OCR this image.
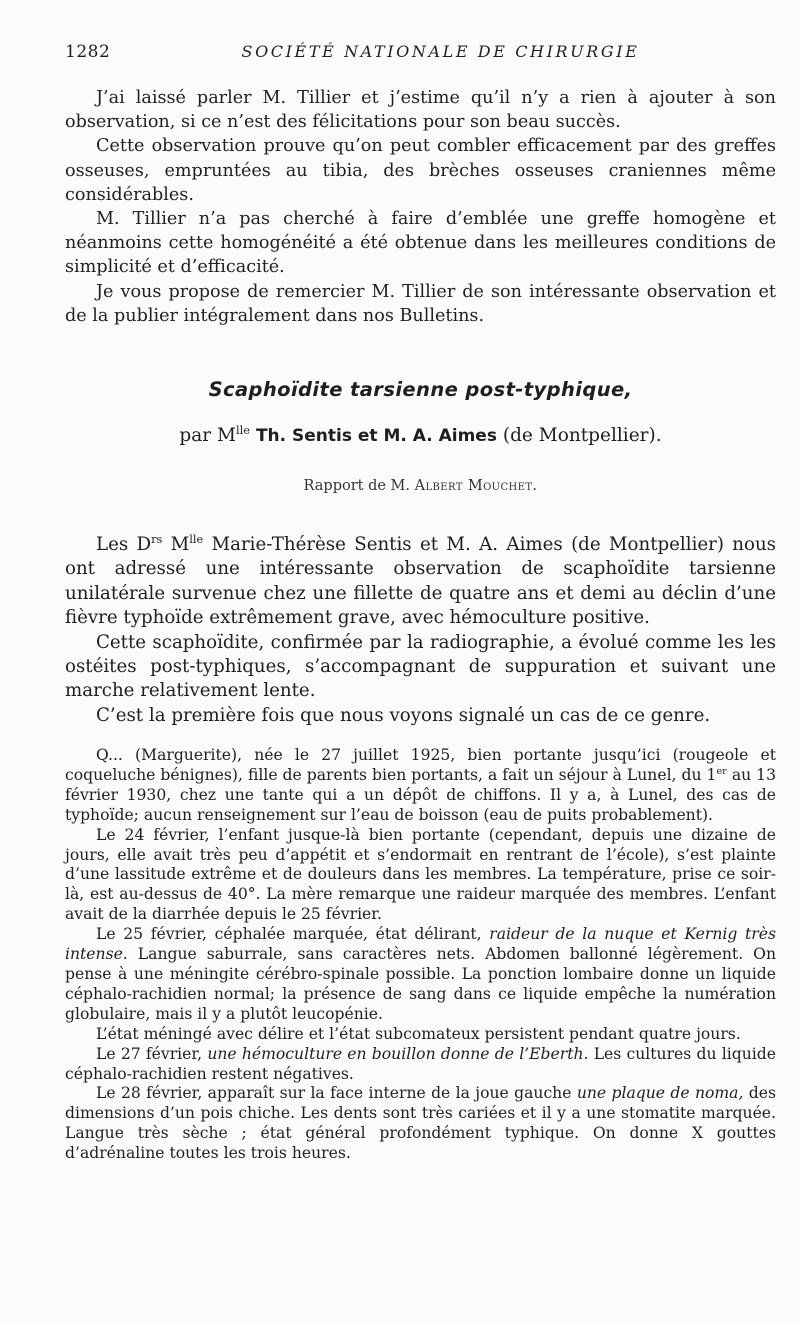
1282	SOCIÉTÉ NATIONALE DE CHIRURGIE

J’ai laissé parler M. Tillier et j’estime qu’il n’y a rien à ajouter à son observation, si ce n’est des félicitations pour son beau succès.

Cette observation prouve qu’on peut combler efficacement par des greffes osseuses, empruntées au tibia, des brèches osseuses craniennes même considérables.

M. Tillier n’a pas cherché à faire d’emblée une greffe homogène et néanmoins cette homogénéité a été obtenue dans les meilleures conditions de simplicité et d’efficacité.

Je vous propose de remercier M. Tillier de son intéressante observation et de la publier intégralement dans nos Bulletins.

Scaphoïdite tarsienne post-typhique,
par $M^{lle}$ Th. Sentis et M. A. Aimes (de Montpellier).
Rapport de M. Albert Mouchet.

Les $D^{rs}$ $M^{lle}$ Marie-Thérèse Sentis et M. A. Aimes (de Montpellier) nous ont adressé une intéressante observation de scaphoïdite tarsienne unilatérale survenue chez une fillette de quatre ans et demi au déclin d’une fièvre typhoïde extrêmement grave, avec hémoculture positive.

Cette scaphoïdite, confirmée par la radiographie, a évolué comme les les ostéites post-typhiques, s’accompagnant de suppuration et suivant une marche relativement lente.

C’est la première fois que nous voyons signalé un cas de ce genre.

Q... (Marguerite), née le 27 juillet 1925, bien portante jusqu’ici (rougeole et coqueluche bénignes), fille de parents bien portants, a fait un séjour à Lunel, du 1er au 13 février 1930, chez une tante qui a un dépôt de chiffons. Il y a, à Lunel, des cas de typhoïde; aucun renseignement sur l’eau de boisson (eau de puits probablement).

Le 24 février, l’enfant jusque-là bien portante (cependant, depuis une dizaine de jours, elle avait très peu d’appétit et s’endormait en rentrant de l’école), s’est plainte d’une lassitude extrême et de douleurs dans les membres. La température, prise ce soir-là, est au-dessus de 40°. La mère remarque une raideur marquée des membres. L’enfant avait de la diarrhée depuis le 25 février.

Le 25 février, céphalée marquée, état délirant, raideur de la nuque et Kernig très intense. Langue saburrale, sans caractères nets. Abdomen ballonné légèrement. On pense à une méningite cérébro-spinale possible. La ponction lombaire donne un liquide céphalo-rachidien normal; la présence de sang dans ce liquide empêche la numération globulaire, mais il y a plutôt leucopénie.

L’état méningé avec délire et l’état subcomateux persistent pendant quatre jours.

Le 27 février, une hémoculture en bouillon donne de l’Eberth. Les cultures du liquide céphalo-rachidien restent négatives.

Le 28 février, apparaît sur la face interne de la joue gauche une plaque de noma, des dimensions d’un pois chiche. Les dents sont très cariées et il y a une stomatite marquée. Langue très sèche ; état général profondément typhique. On donne X gouttes d’adrénaline toutes les trois heures.
